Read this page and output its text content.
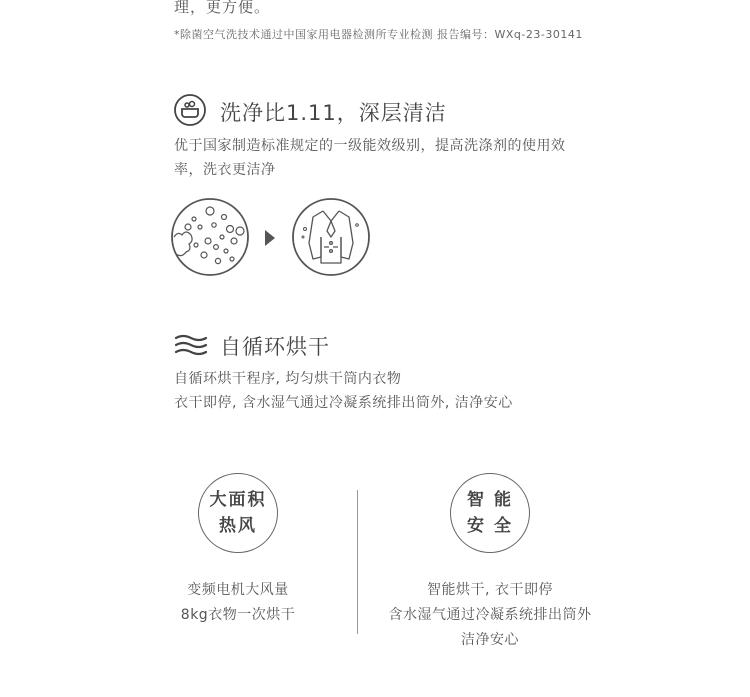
理，更方便。
*除菌空气洗技术通过中国家用电器检测所专业检测 报告编号：WXq-23-30141
洗净比1.11，深层清洁
优于国家制造标准规定的一级能效级别，提高洗涤剂的使用效
率，洗衣更洁净
自循环烘干
自循环烘干程序, 均匀烘干筒内衣物
衣干即停, 含水湿气通过冷凝系统排出筒外, 洁净安心
大面积
热风
智 能
安 全
变频电机大风量
8kg衣物一次烘干
智能烘干, 衣干即停
含水湿气通过冷凝系统排出筒外
洁净安心
